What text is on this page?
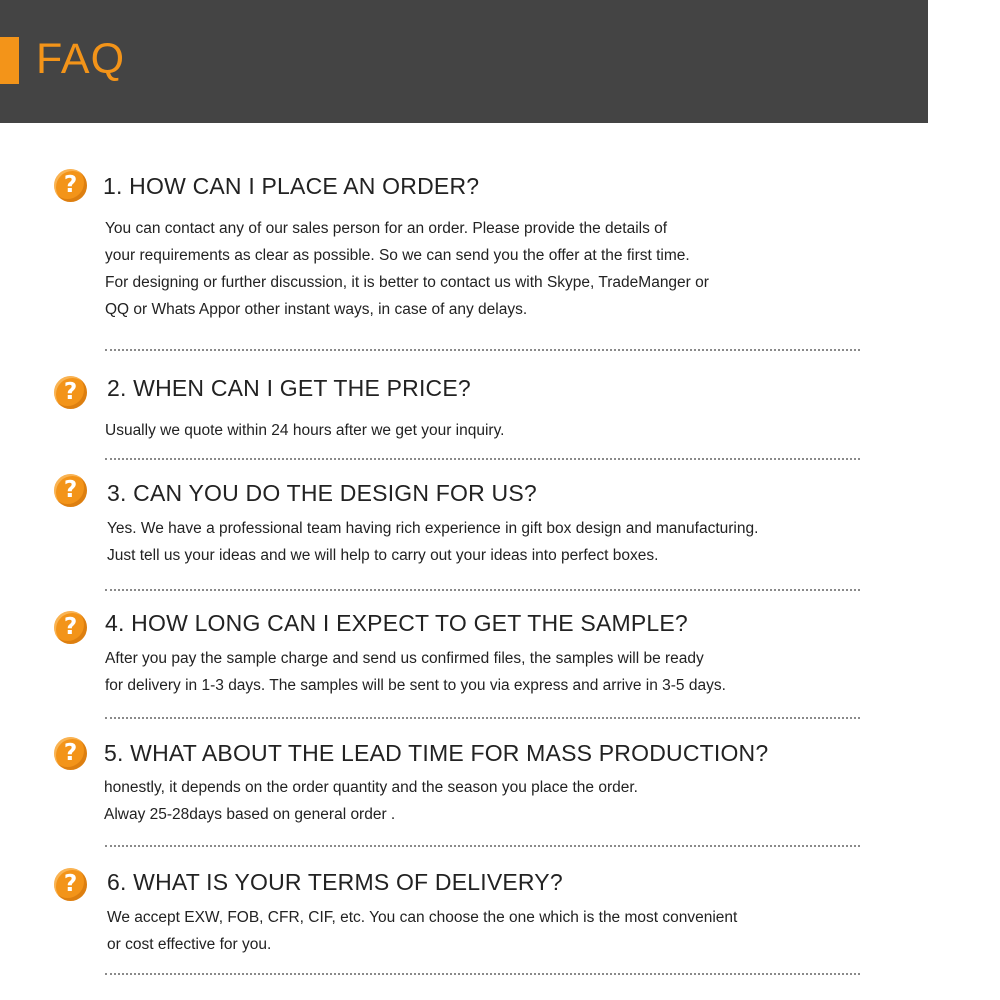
FAQ
?	1. HOW CAN I PLACE AN ORDER?
You can contact any of our sales person for an order. Please provide the details of
your requirements as clear as possible. So we can send you the offer at the first time.
For designing or further discussion, it is better to contact us with Skype, TradeManger or
QQ or Whats Appor other instant ways, in case of any delays.
?	2. WHEN CAN I GET THE PRICE?
Usually we quote within 24 hours after we get your inquiry.
?	3. CAN YOU DO THE DESIGN FOR US?
Yes. We have a professional team having rich experience in gift box design and manufacturing.
Just tell us your ideas and we will help to carry out your ideas into perfect boxes.
?	4. HOW LONG CAN I EXPECT TO GET THE SAMPLE?
After you pay the sample charge and send us confirmed files, the samples will be ready
for delivery in 1-3 days. The samples will be sent to you via express and arrive in 3-5 days.
?	5. WHAT ABOUT THE LEAD TIME FOR MASS PRODUCTION?
honestly, it depends on the order quantity and the season you place the order.
Alway 25-28days based on general order .
?	6. WHAT IS YOUR TERMS OF DELIVERY?
We accept EXW, FOB, CFR, CIF, etc. You can choose the one which is the most convenient
or cost effective for you.
